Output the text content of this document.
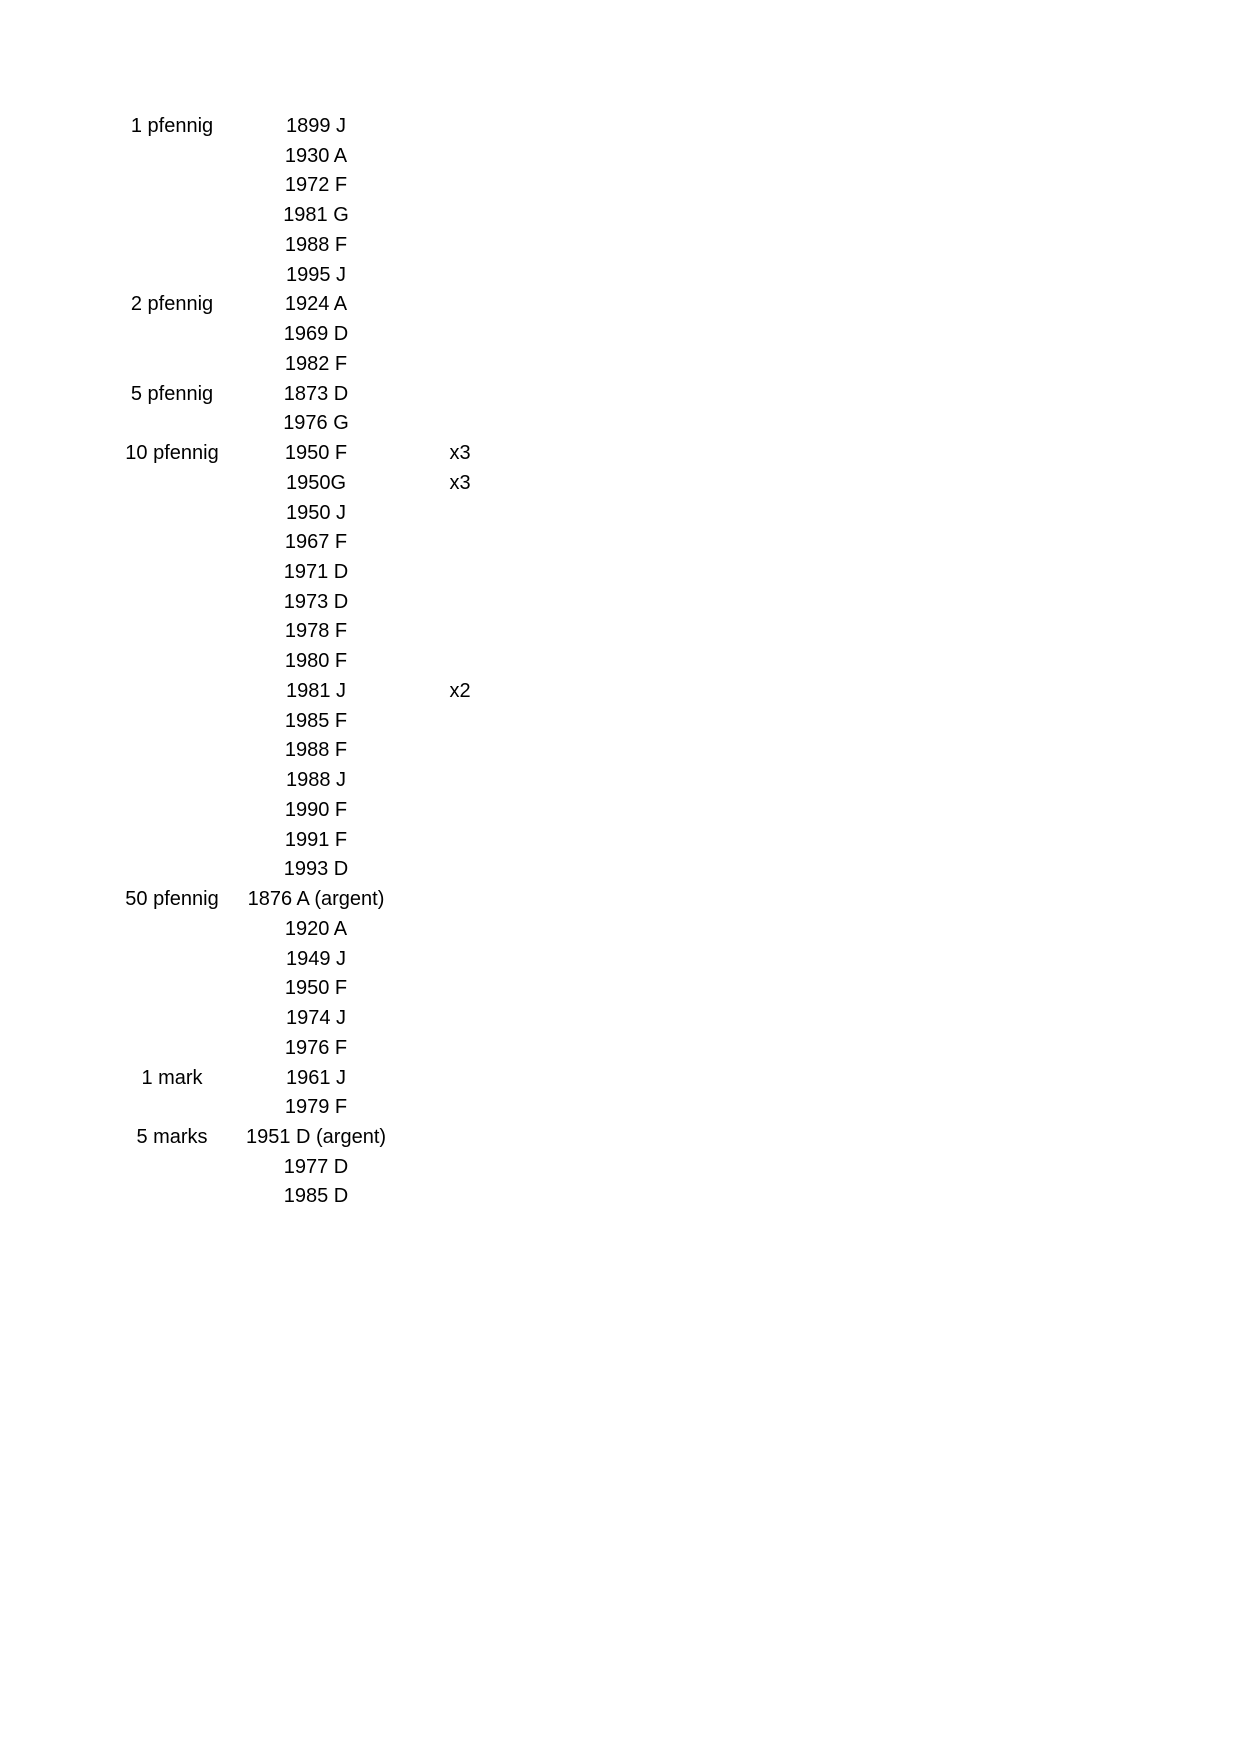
1 pfennig	1899 J	
	1930 A	
	1972 F	
	1981 G	
	1988 F	
	1995 J	
2 pfennig	1924 A	
	1969 D	
	1982 F	
5 pfennig	1873 D	
	1976 G	
10 pfennig	1950 F	x3
	1950G	x3
	1950 J	
	1967 F	
	1971 D	
	1973 D	
	1978 F	
	1980 F	
	1981 J	x2
	1985 F	
	1988 F	
	1988 J	
	1990 F	
	1991 F	
	1993 D	
50 pfennig	1876 A (argent)	
	1920 A	
	1949 J	
	1950 F	
	1974 J	
	1976 F	
1 mark	1961 J	
	1979 F	
5 marks	1951 D (argent)	
	1977 D	
	1985 D	
